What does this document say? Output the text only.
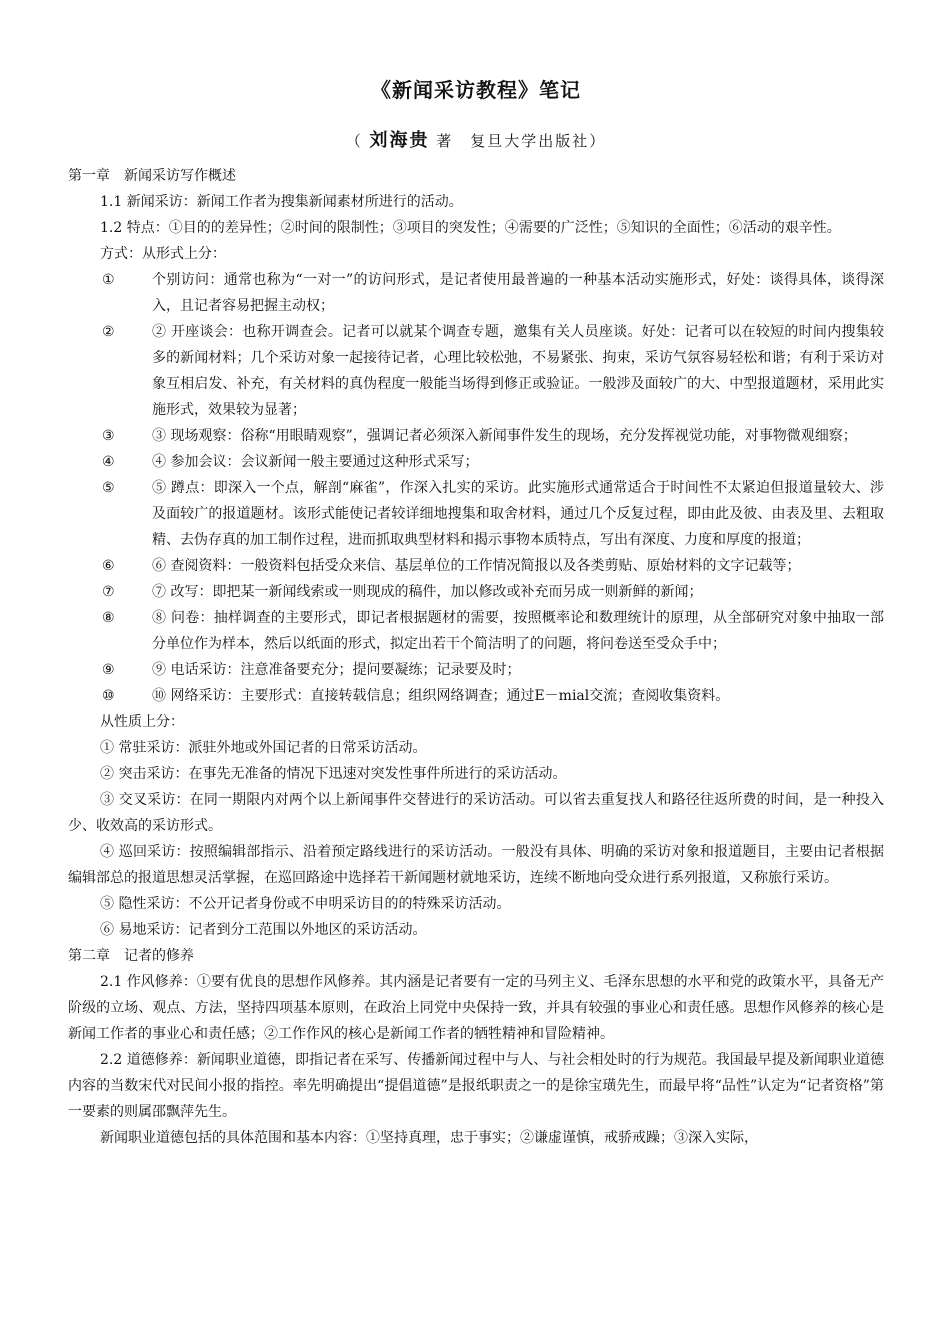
《新闻采访教程》笔记
（ 刘海贵 著　复旦大学出版社）

第一章　新闻采访写作概述

1.1 新闻采访：新闻工作者为搜集新闻素材所进行的活动。

1.2 特点：①目的的差异性；②时间的限制性；③项目的突发性；④需要的广泛性；⑤知识的全面性；⑥活动的艰辛性。

方式：从形式上分：

①	个别访问：通常也称为“一对一”的访问形式，是记者使用最普遍的一种基本活动实施形式，好处：谈得具体，谈得深入，且记者容易把握主动权；
②	② 开座谈会：也称开调查会。记者可以就某个调查专题，邀集有关人员座谈。好处：记者可以在较短的时间内搜集较多的新闻材料；几个采访对象一起接待记者，心理比较松弛，不易紧张、拘束，采访气氛容易轻松和谐；有利于采访对象互相启发、补充，有关材料的真伪程度一般能当场得到修正或验证。一般涉及面较广的大、中型报道题材，采用此实施形式，效果较为显著；
③	③ 现场观察：俗称“用眼睛观察”，强调记者必须深入新闻事件发生的现场，充分发挥视觉功能，对事物微观细察；
④	④ 参加会议：会议新闻一般主要通过这种形式采写；
⑤	⑤ 蹲点：即深入一个点，解剖“麻雀”，作深入扎实的采访。此实施形式通常适合于时间性不太紧迫但报道量较大、涉及面较广的报道题材。该形式能使记者较详细地搜集和取舍材料，通过几个反复过程，即由此及彼、由表及里、去粗取精、去伪存真的加工制作过程，进而抓取典型材料和揭示事物本质特点，写出有深度、力度和厚度的报道；
⑥	⑥ 查阅资料：一般资料包括受众来信、基层单位的工作情况简报以及各类剪贴、原始材料的文字记载等；
⑦	⑦ 改写：即把某一新闻线索或一则现成的稿件，加以修改或补充而另成一则新鲜的新闻；
⑧	⑧ 问卷：抽样调查的主要形式，即记者根据题材的需要，按照概率论和数理统计的原理，从全部研究对象中抽取一部分单位作为样本，然后以纸面的形式，拟定出若干个简洁明了的问题，将问卷送至受众手中；
⑨	⑨ 电话采访：注意准备要充分；提问要凝练；记录要及时；
⑩	⑩ 网络采访：主要形式：直接转载信息；组织网络调查；通过E－mial交流；查阅收集资料。

从性质上分：

① 常驻采访：派驻外地或外国记者的日常采访活动。

② 突击采访：在事先无准备的情况下迅速对突发性事件所进行的采访活动。

③ 交叉采访：在同一期限内对两个以上新闻事件交替进行的采访活动。可以省去重复找人和路径往返所费的时间，是一种投入少、收效高的采访形式。

④ 巡回采访：按照编辑部指示、沿着预定路线进行的采访活动。一般没有具体、明确的采访对象和报道题目，主要由记者根据编辑部总的报道思想灵活掌握，在巡回路途中选择若干新闻题材就地采访，连续不断地向受众进行系列报道，又称旅行采访。

⑤ 隐性采访：不公开记者身份或不申明采访目的的特殊采访活动。

⑥ 易地采访：记者到分工范围以外地区的采访活动。

第二章　记者的修养

2.1 作风修养：①要有优良的思想作风修养。其内涵是记者要有一定的马列主义、毛泽东思想的水平和党的政策水平，具备无产阶级的立场、观点、方法，坚持四项基本原则，在政治上同党中央保持一致，并具有较强的事业心和责任感。思想作风修养的核心是新闻工作者的事业心和责任感；②工作作风的核心是新闻工作者的牺牲精神和冒险精神。

2.2 道德修养：新闻职业道德，即指记者在采写、传播新闻过程中与人、与社会相处时的行为规范。我国最早提及新闻职业道德内容的当数宋代对民间小报的指控。率先明确提出“提倡道德”是报纸职责之一的是徐宝璜先生，而最早将“品性”认定为“记者资格”第一要素的则属邵飘萍先生。

新闻职业道德包括的具体范围和基本内容：①坚持真理，忠于事实；②谦虚谨慎，戒骄戒躁；③深入实际，
